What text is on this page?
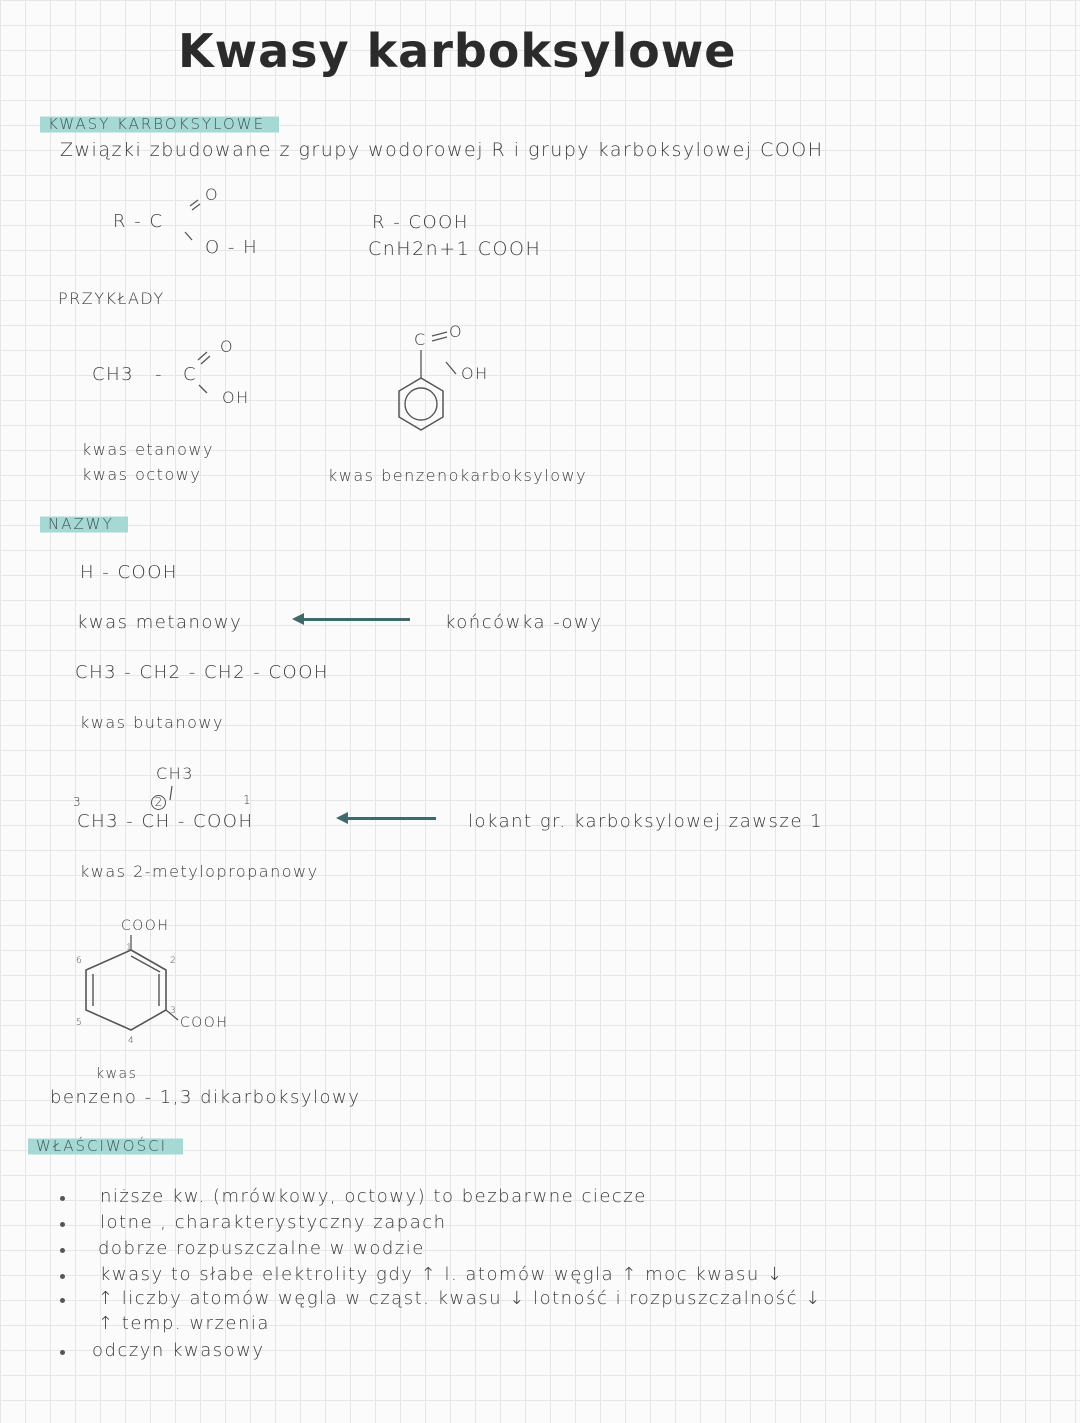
Kwasy karboksylowe
KWASY KARBOKSYLOWE
Związki zbudowane z grupy wodorowej R i grupy karboksylowej COOH
R - C
O
O - H
R - COOH
CnH2n+1 COOH
PRZYKŁADY
CH3 - C
O
OH
kwas etanowy
kwas octowy
C O
OH
kwas benzenokarboksylowy
NAZWY
H - COOH
kwas metanowy	końcówka -owy
CH3 - CH2 - CH2 - COOH
kwas butanowy
CH3
3	2	1
CH3 - CH - COOH	lokant gr. karboksylowej zawsze 1
kwas 2-metylopropanowy
COOH
COOH
1
2
3
4
5
6
kwas
benzeno - 1,3 dikarboksylowy
WŁAŚCIWOŚCI
niższe kw. (mrówkowy, octowy) to bezbarwne ciecze
lotne , charakterystyczny zapach
dobrze rozpuszczalne w wodzie
kwasy to słabe elektrolity gdy ↑ l. atomów węgla ↑ moc kwasu ↓
↑ liczby atomów węgla w cząst. kwasu ↓ lotność i rozpuszczalność ↓
↑ temp. wrzenia
odczyn kwasowy
